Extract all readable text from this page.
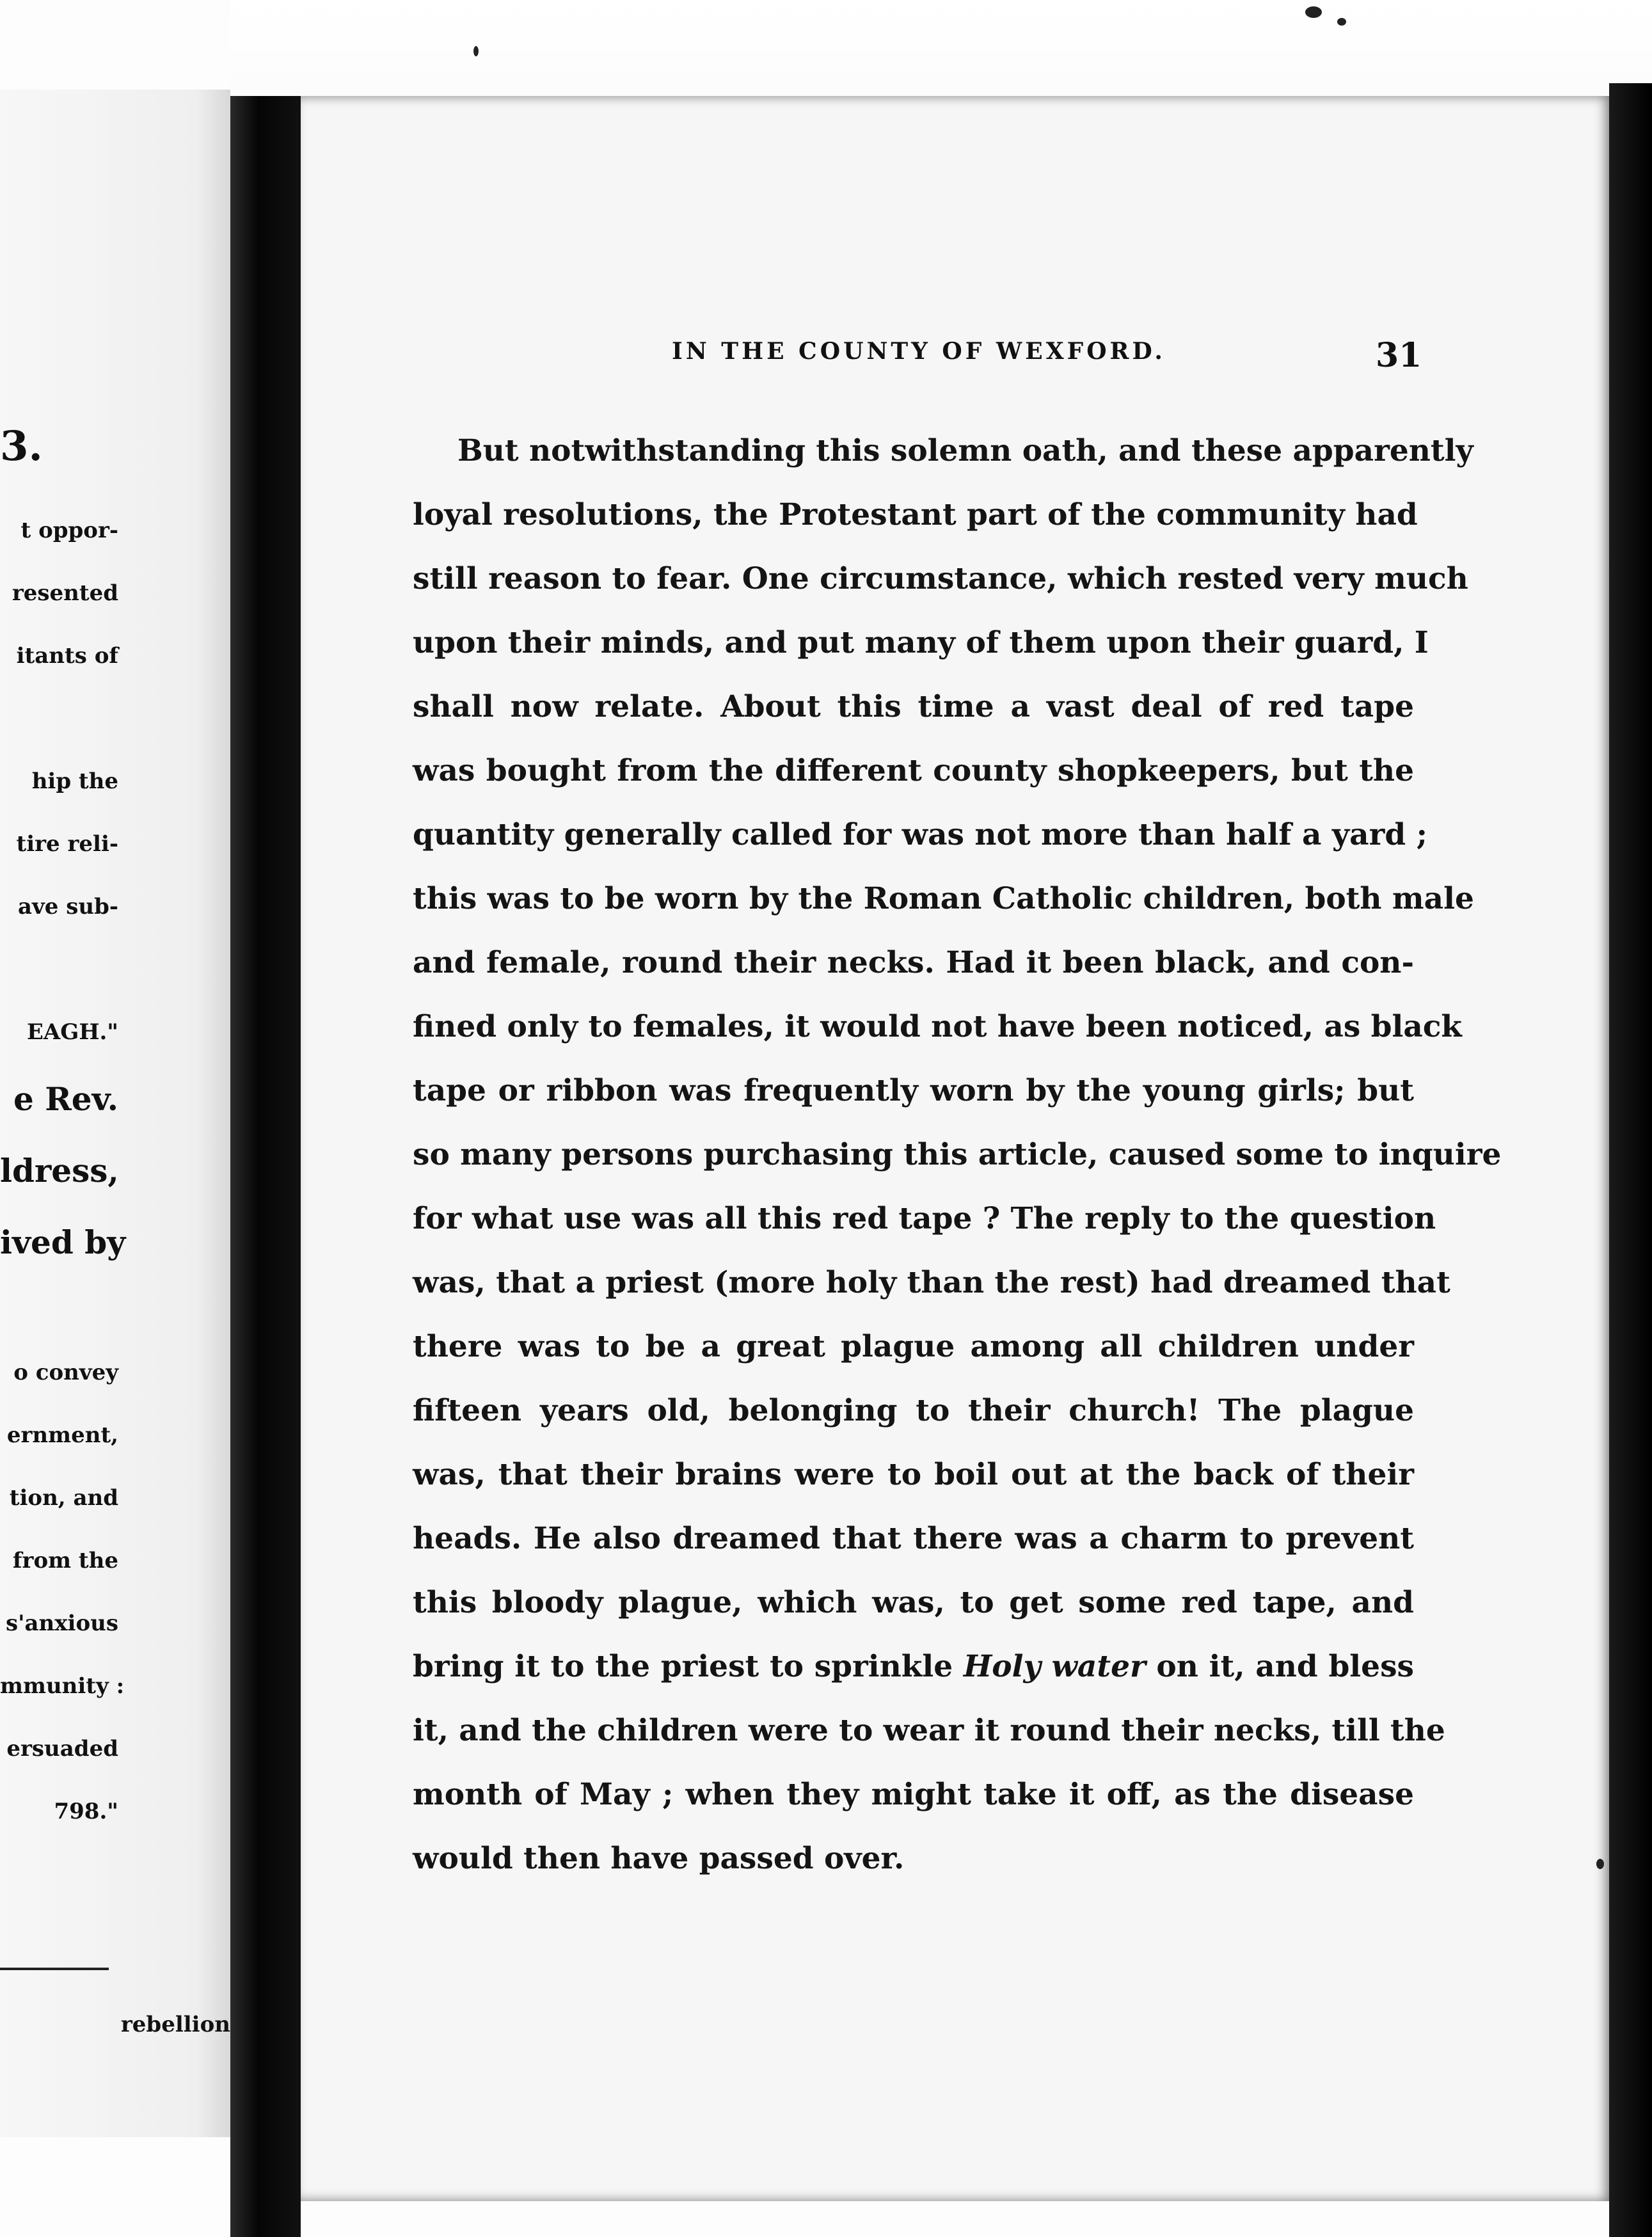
3.
t oppor-
resented
itants of
hip the
tire reli-
ave sub-
EAGH."
e Rev.
ldress,
ived by
o convey
ernment,
tion, and
from the
s'anxious
mmunity :
ersuaded
798."
rebellion
IN THE COUNTY OF WEXFORD.	31
But notwithstanding this solemn oath, and these apparently
loyal resolutions, the Protestant part of the community had
still reason to fear. One circumstance, which rested very much
upon their minds, and put many of them upon their guard, I
shall now relate. About this time a vast deal of red tape
was bought from the different county shopkeepers, but the
quantity generally called for was not more than half a yard ;
this was to be worn by the Roman Catholic children, both male
and female, round their necks. Had it been black, and con-
fined only to females, it would not have been noticed, as black
tape or ribbon was frequently worn by the young girls; but
so many persons purchasing this article, caused some to inquire
for what use was all this red tape ? The reply to the question
was, that a priest (more holy than the rest) had dreamed that
there was to be a great plague among all children under
fifteen years old, belonging to their church! The plague
was, that their brains were to boil out at the back of their
heads. He also dreamed that there was a charm to prevent
this bloody plague, which was, to get some red tape, and
bring it to the priest to sprinkle Holy water on it, and bless
it, and the children were to wear it round their necks, till the
month of May ; when they might take it off, as the disease
would then have passed over.
